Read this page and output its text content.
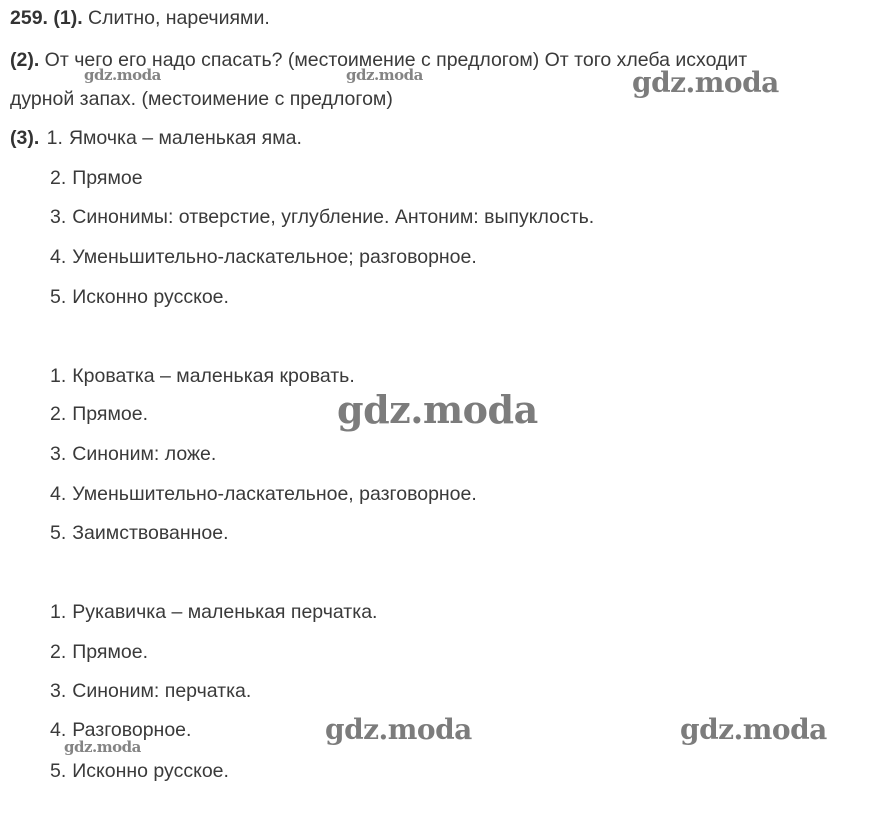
259. (1). Слитно, наречиями.
(2). От чего его надо спасать? (местоимение с предлогом) От того хлеба исходит
дурной запах. (местоимение с предлогом)
(3). 1. Ямочка – маленькая яма.
2. Прямое
3. Синонимы: отверстие, углубление. Антоним: выпуклость.
4. Уменьшительно-ласкательное; разговорное.
5. Исконно русское.
1. Кроватка – маленькая кровать.
2. Прямое.
3. Синоним: ложе.
4. Уменьшительно-ласкательное, разговорное.
5. Заимствованное.
1. Рукавичка – маленькая перчатка.
2. Прямое.
3. Синоним: перчатка.
4. Разговорное.
5. Исконно русское.
gdz.moda	gdz.moda	gdz.moda
gdz.moda
gdz.moda	gdz.moda
gdz.moda
